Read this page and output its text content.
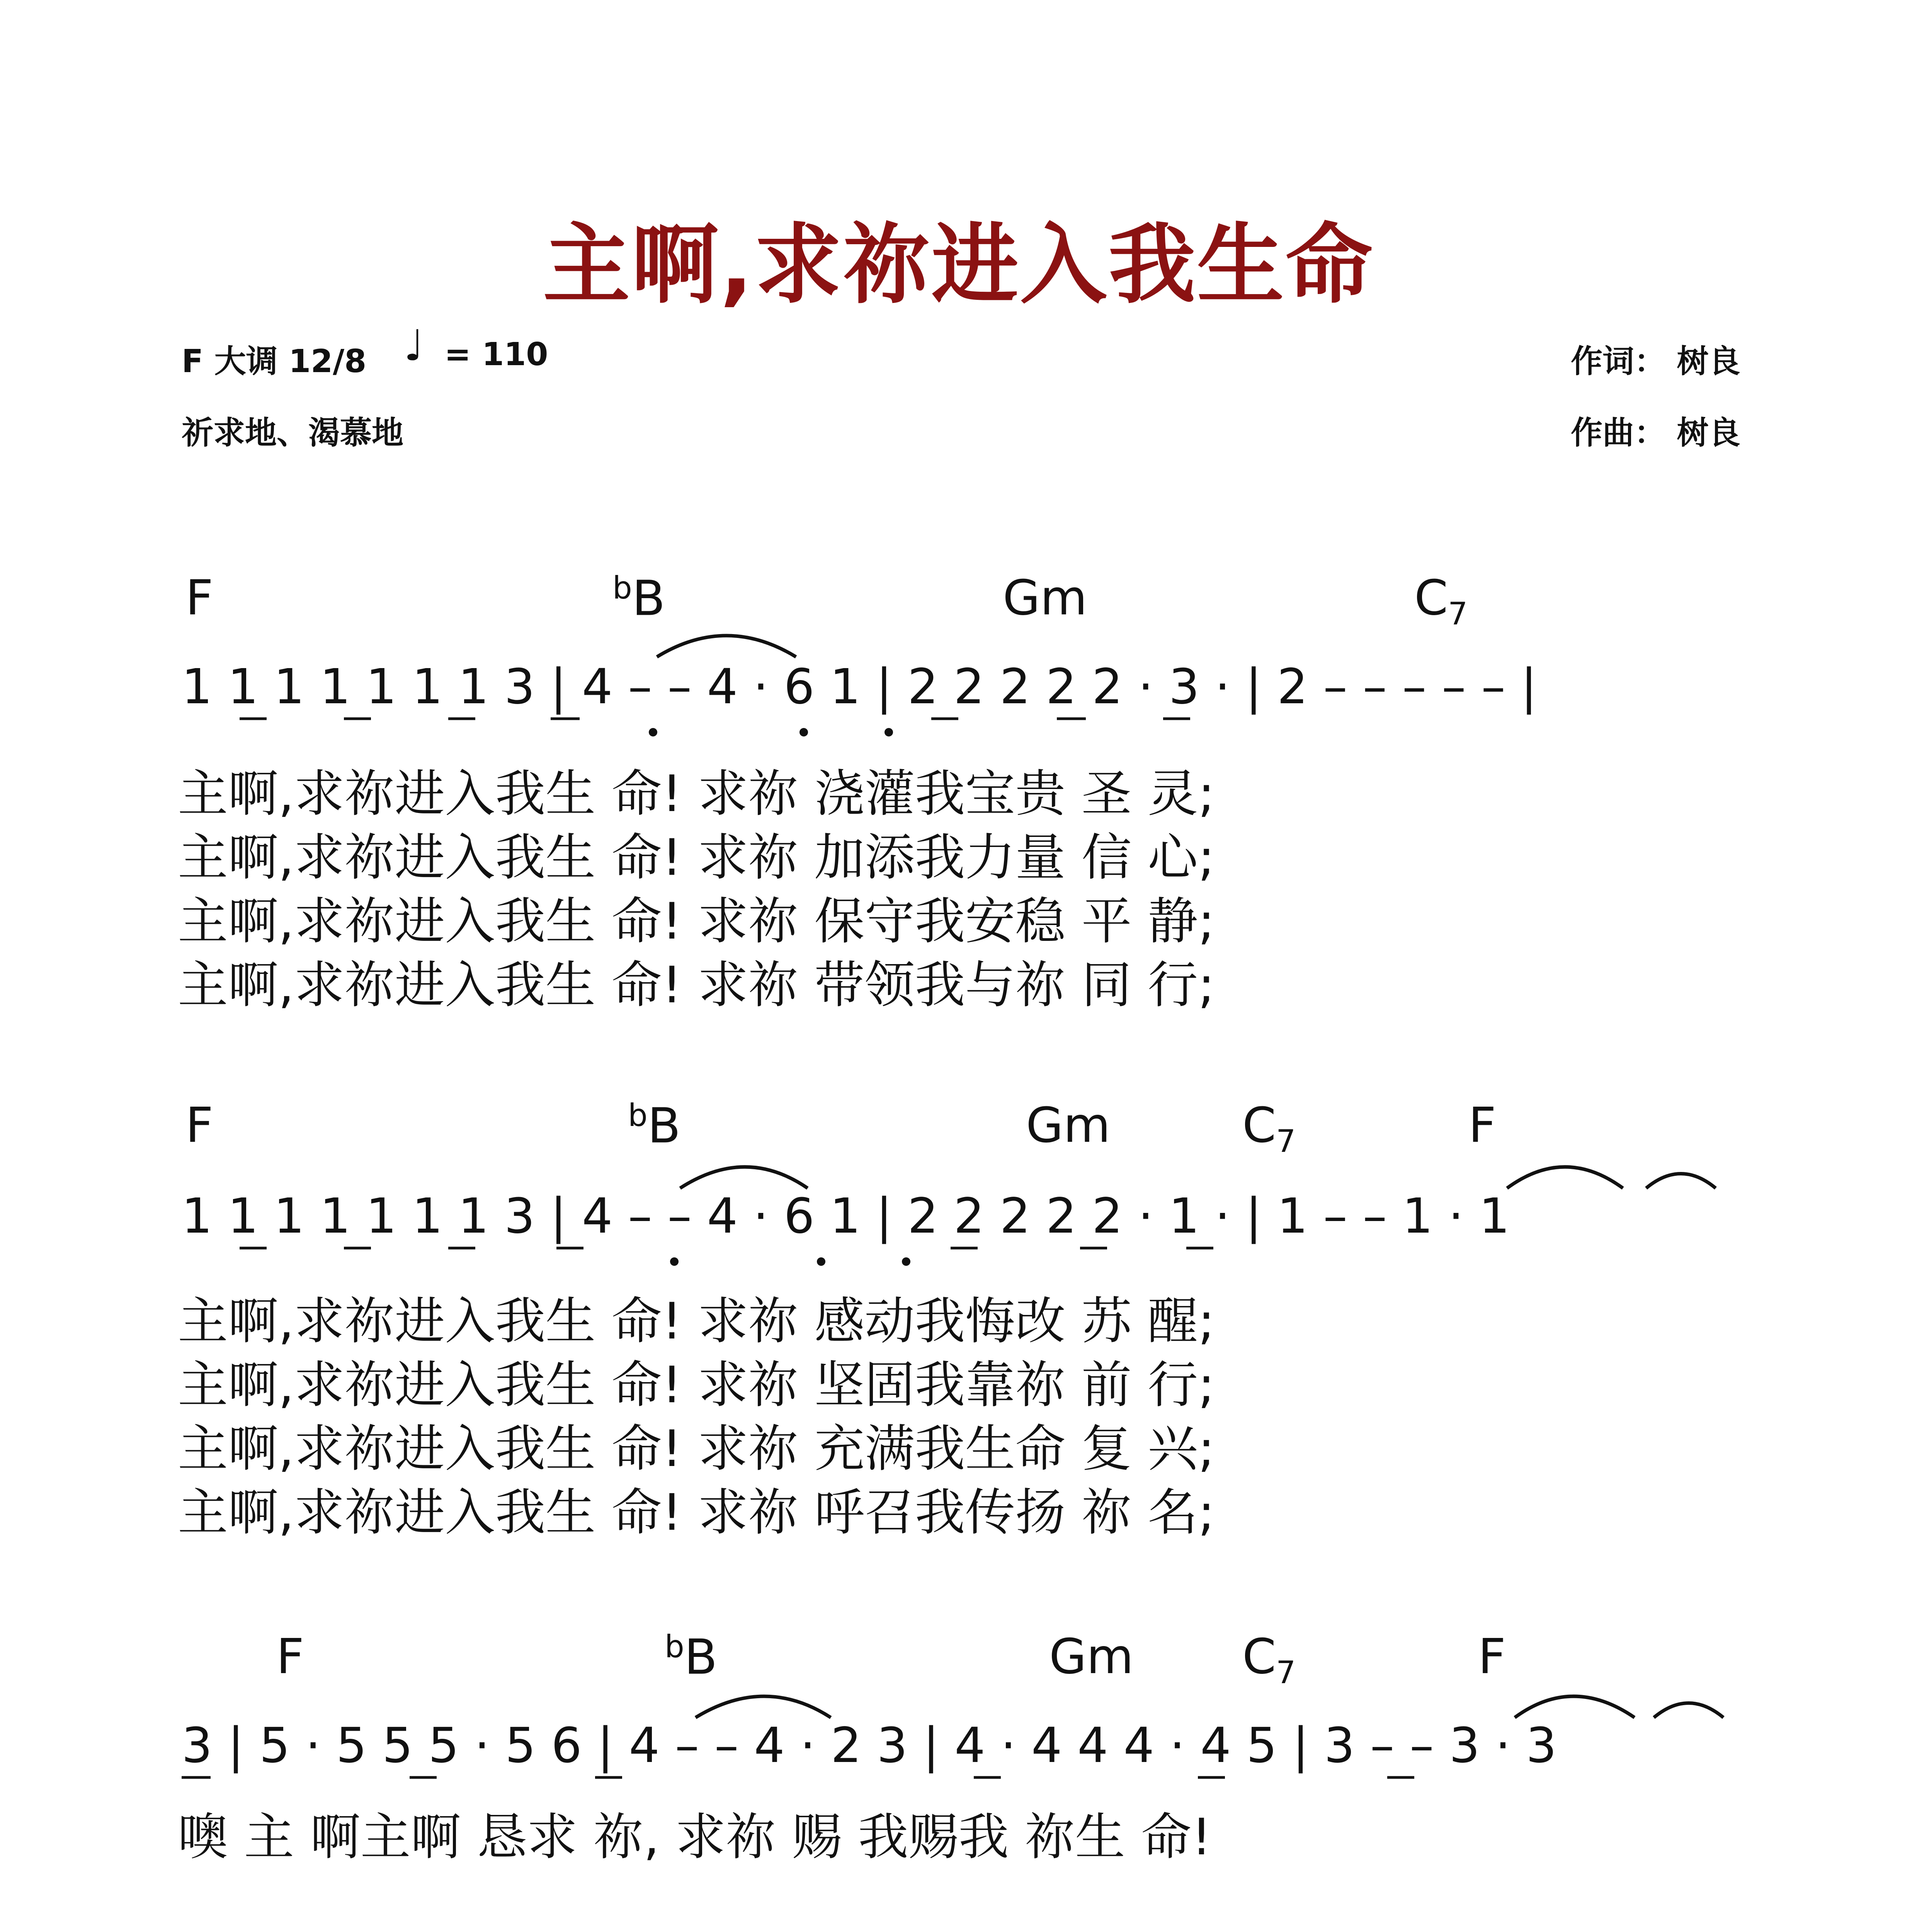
主啊,求祢进入我生命
F 大调 12/8 ♩ = 110
祈求地、渴慕地
作词： 树良
作曲： 树良
F	$^b$B	Gm	$C_7$
1 1 1 1 1 1 1 3 | 4 – – 4 · 6 1 | 2 2 2 2 2 · 3 · | 2 – – – – – |
主啊,求祢进入我生 命! 求祢 浇灌我宝贵 圣 灵;
主啊,求祢进入我生 命! 求祢 加添我力量 信 心;
主啊,求祢进入我生 命! 求祢 保守我安稳 平 静;
主啊,求祢进入我生 命! 求祢 带领我与祢 同 行;
F	$^b$B	Gm	$C_7$	F
1 1 1 1 1 1 1 3 | 4 – – 4 · 6 1 | 2 2 2 2 2 · 1 · | 1 – – 1 · 1
主啊,求祢进入我生 命! 求祢 感动我悔改 苏 醒;
主啊,求祢进入我生 命! 求祢 坚固我靠祢 前 行;
主啊,求祢进入我生 命! 求祢 充满我生命 复 兴;
主啊,求祢进入我生 命! 求祢 呼召我传扬 祢 名;
F	$^b$B	Gm $C_7$	F
3 | 5 · 5 5 5 · 5 6 | 4 – – 4 · 2 3 | 4 · 4 4 4 · 4 5 | 3 – – 3 · 3
噢 主 啊主啊 恳求 祢, 求祢 赐 我赐我 祢生 命!
